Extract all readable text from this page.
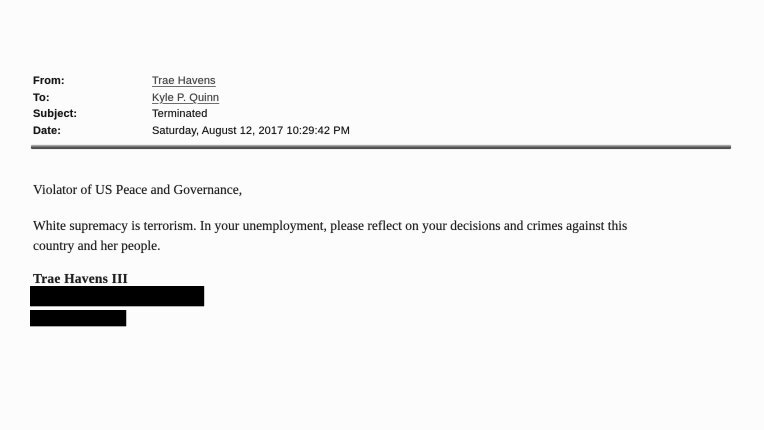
From:	Trae Havens
To:	Kyle P. Quinn
Subject:	Terminated
Date:	Saturday, August 12, 2017 10:29:42 PM
Violator of US Peace and Governance,
White supremacy is terrorism. In your unemployment, please reflect on your decisions and crimes against this
country and her people.
Trae Havens III
